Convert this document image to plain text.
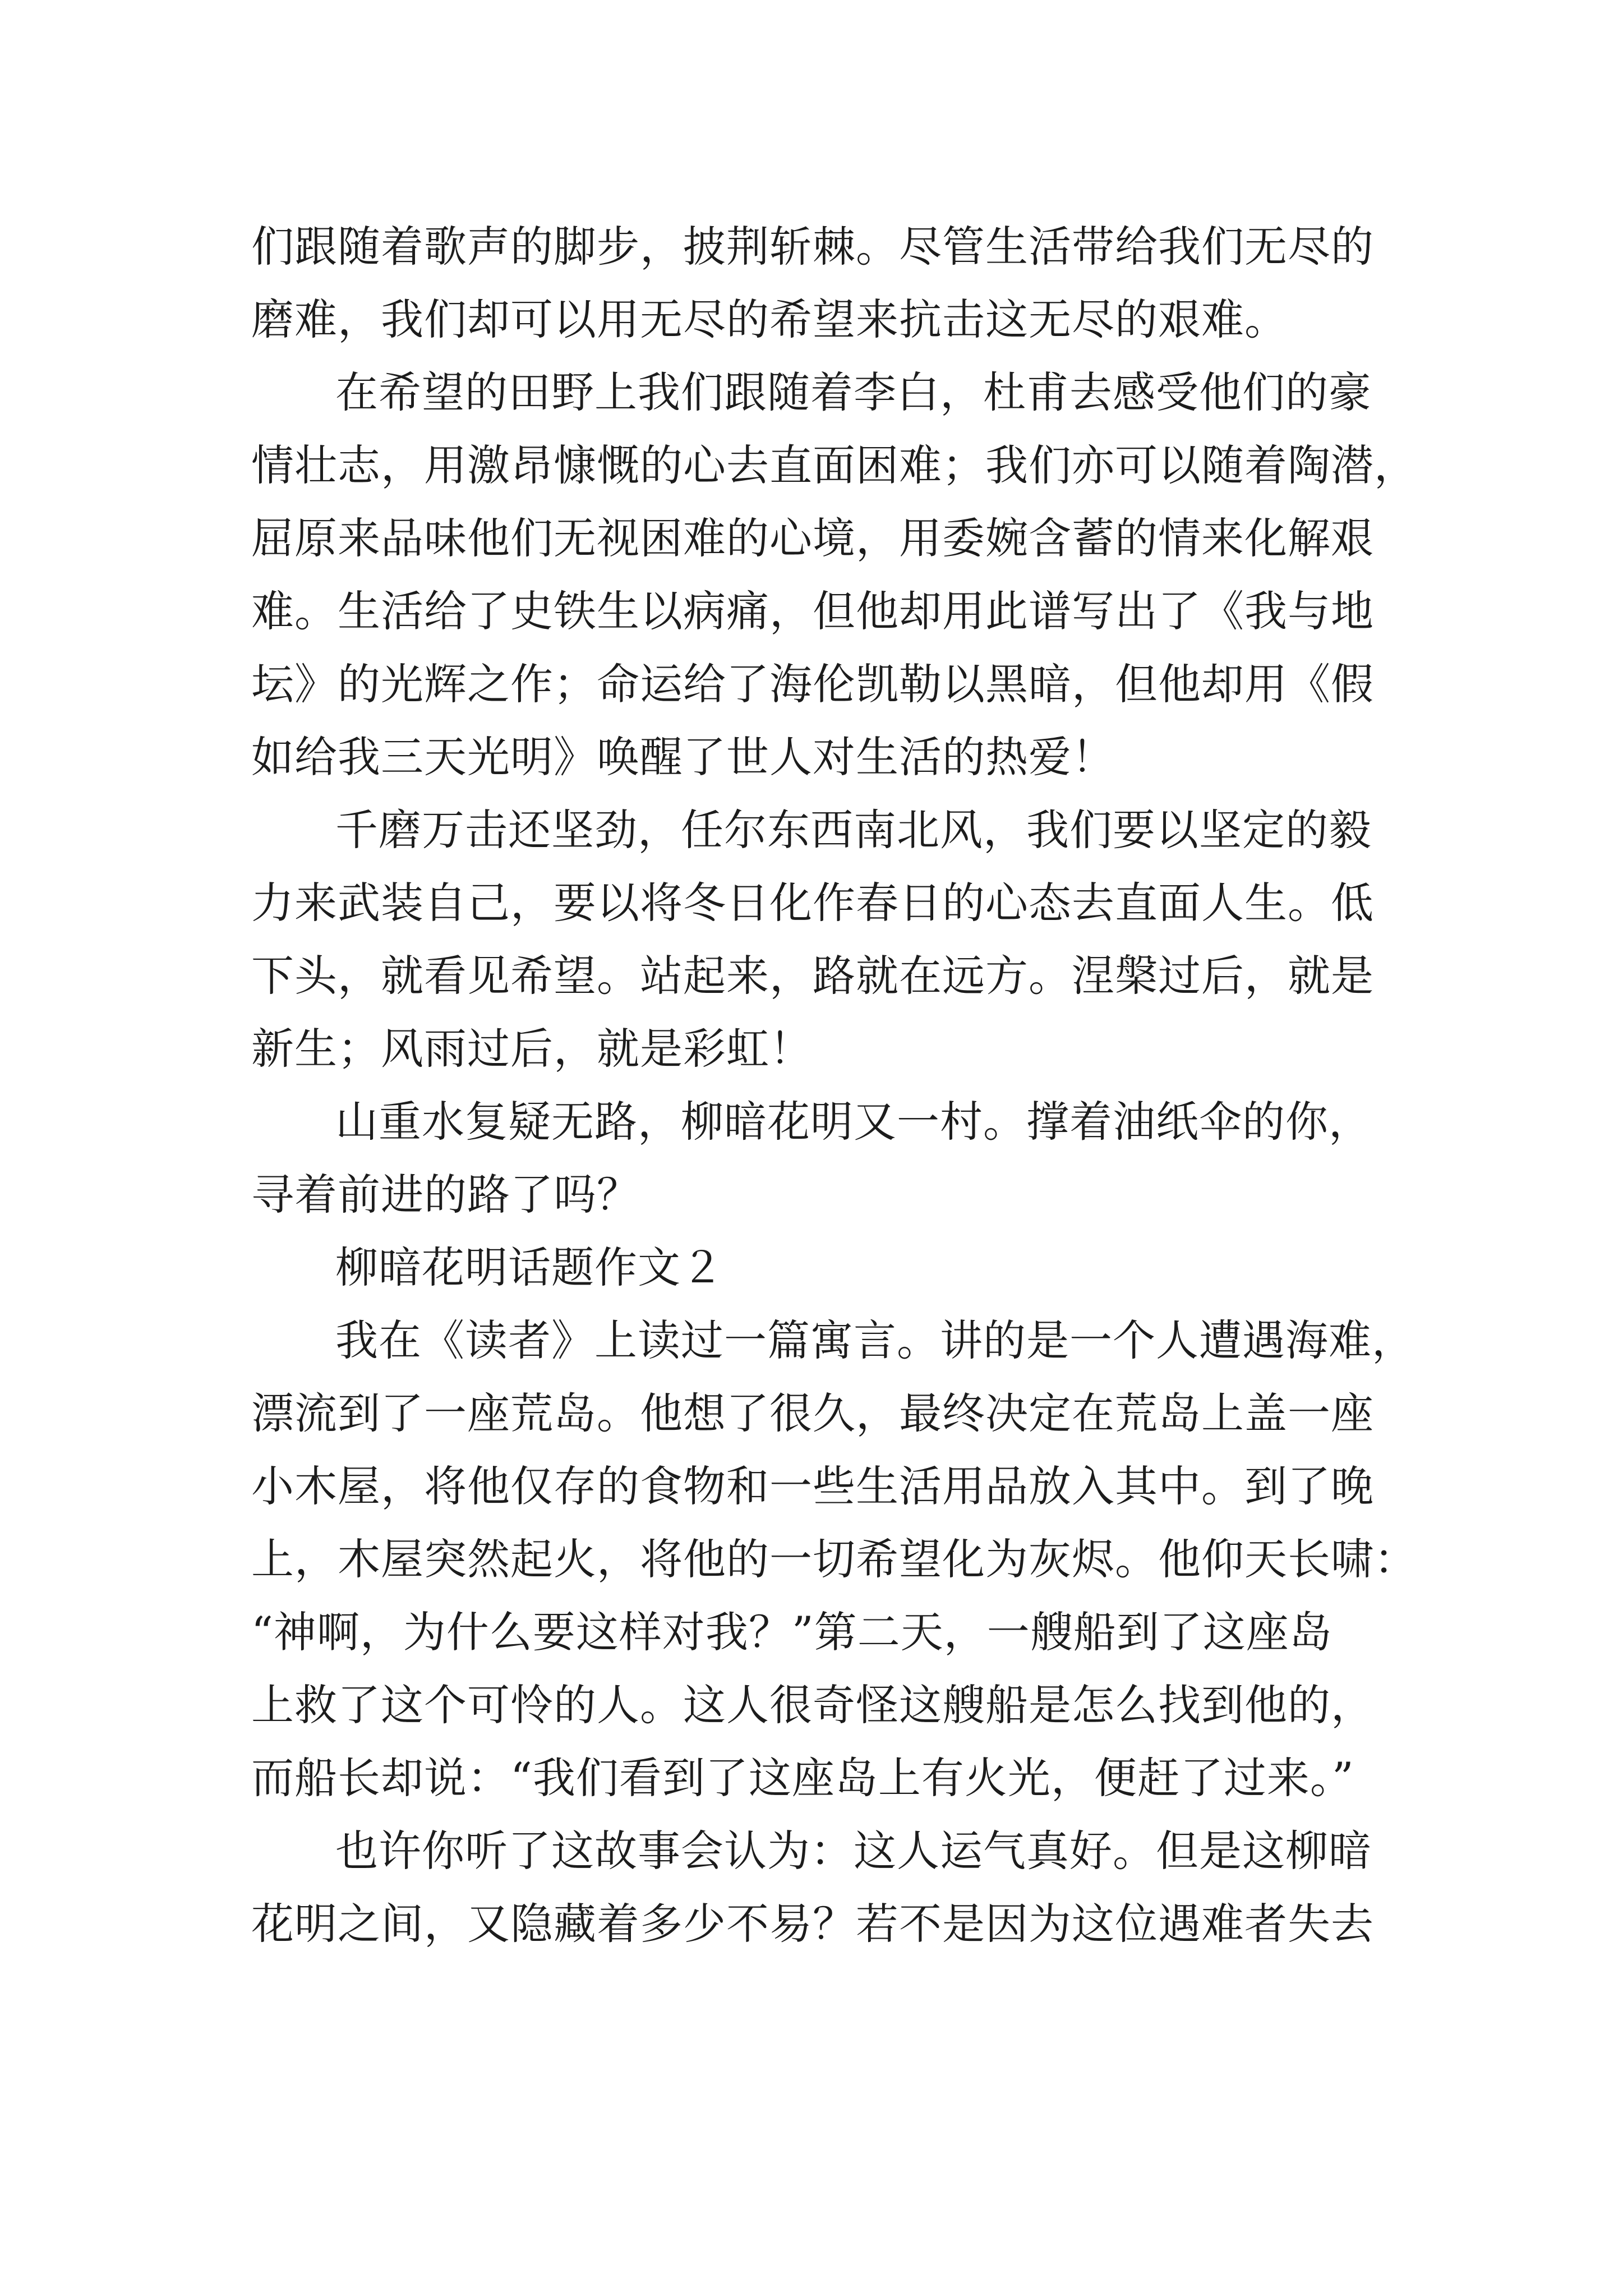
们跟随着歌声的脚步，披荆斩棘。尽管生活带给我们无尽的
磨难，我们却可以用无尽的希望来抗击这无尽的艰难。
在希望的田野上我们跟随着李白，杜甫去感受他们的豪
情壮志，用激昂慷慨的心去直面困难；我们亦可以随着陶潜，
屈原来品味他们无视困难的心境，用委婉含蓄的情来化解艰
难。生活给了史铁生以病痛，但他却用此谱写出了《我与地
坛》的光辉之作；命运给了海伦凯勒以黑暗，但他却用《假
如给我三天光明》唤醒了世人对生活的热爱！
千磨万击还坚劲，任尔东西南北风，我们要以坚定的毅
力来武装自己，要以将冬日化作春日的心态去直面人生。低
下头，就看见希望。站起来，路就在远方。涅槃过后，就是
新生；风雨过后，就是彩虹！
山重水复疑无路，柳暗花明又一村。撑着油纸伞的你，
寻着前进的路了吗？
柳暗花明话题作文２
我在《读者》上读过一篇寓言。讲的是一个人遭遇海难，
漂流到了一座荒岛。他想了很久，最终决定在荒岛上盖一座
小木屋，将他仅存的食物和一些生活用品放入其中。到了晚
上，木屋突然起火，将他的一切希望化为灰烬。他仰天长啸：
“神啊，为什么要这样对我？”第二天，一艘船到了这座岛
上救了这个可怜的人。这人很奇怪这艘船是怎么找到他的，
而船长却说：“我们看到了这座岛上有火光，便赶了过来。”
也许你听了这故事会认为：这人运气真好。但是这柳暗
花明之间，又隐藏着多少不易？若不是因为这位遇难者失去
